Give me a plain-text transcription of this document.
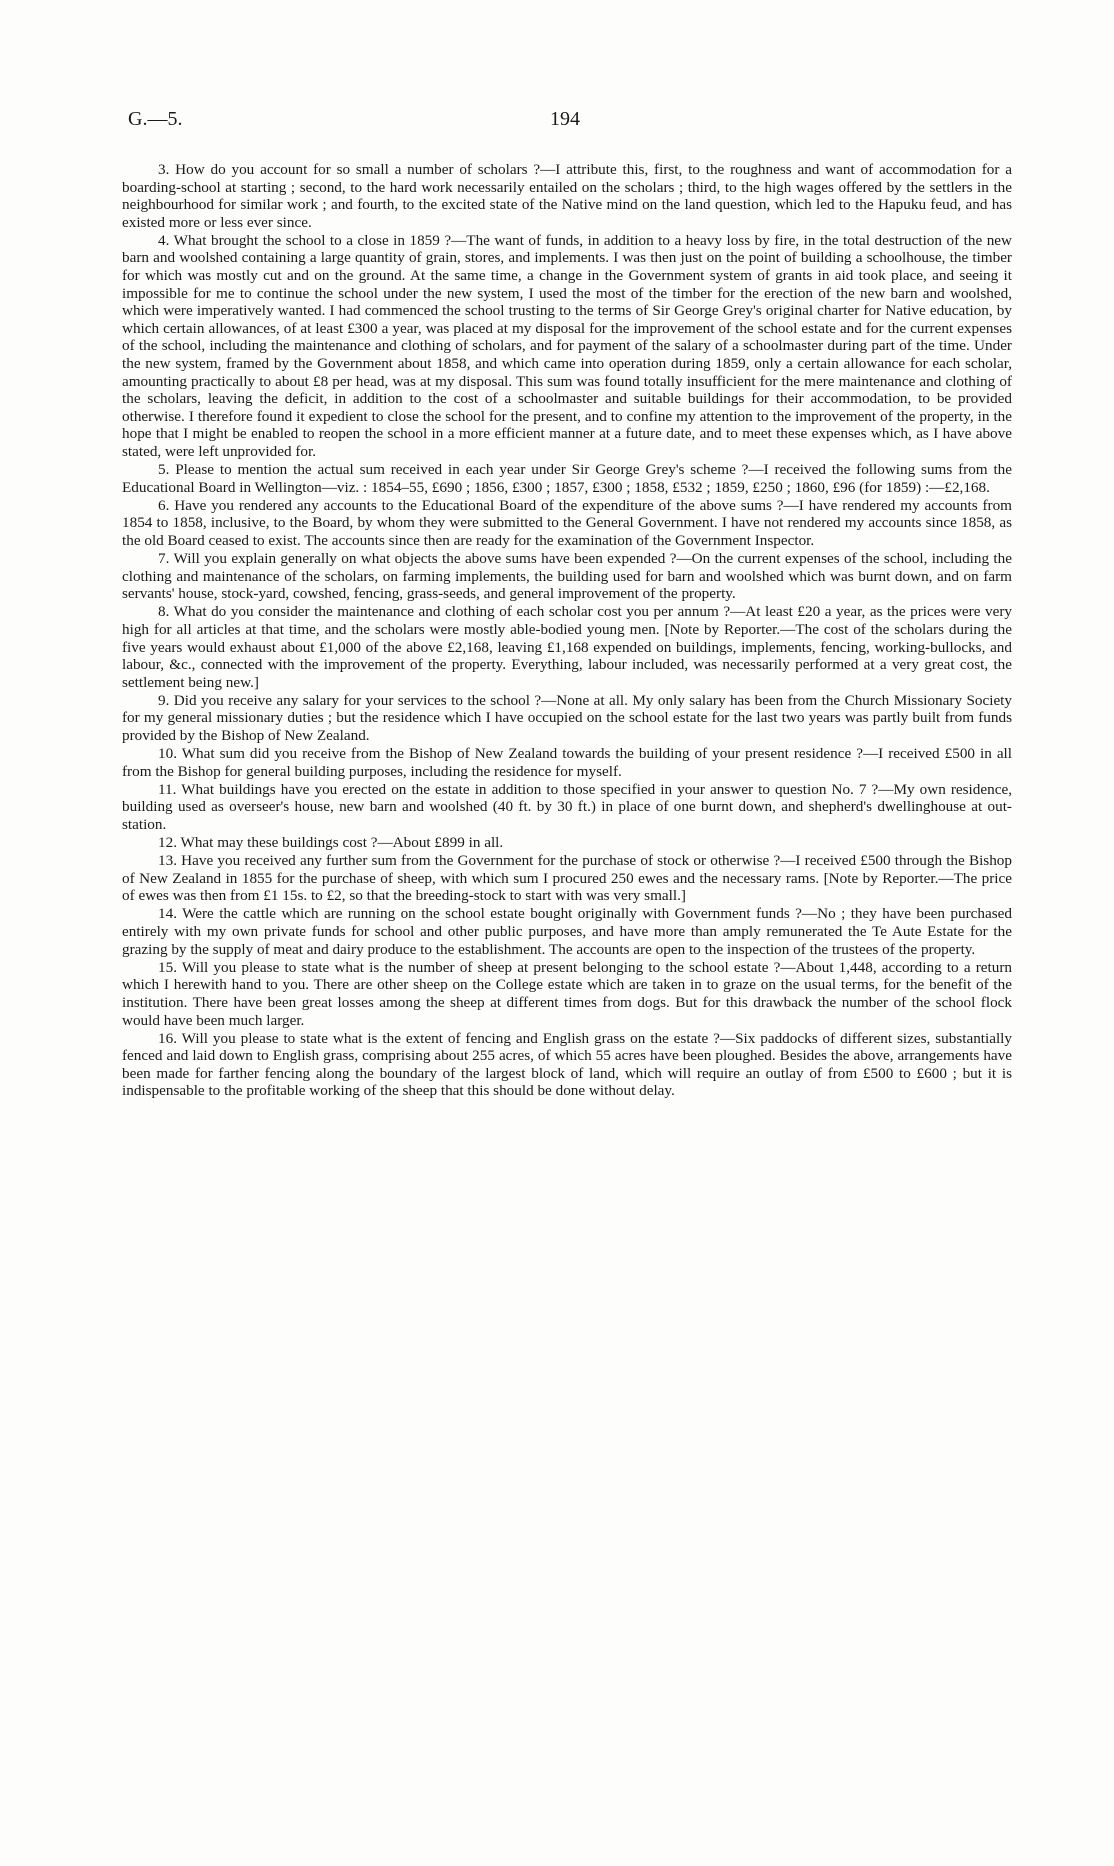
G.—5.	194

3. How do you account for so small a number of scholars ?—I attribute this, first, to the roughness and want of accommodation for a boarding-school at starting ; second, to the hard work necessarily entailed on the scholars ; third, to the high wages offered by the settlers in the neighbourhood for similar work ; and fourth, to the excited state of the Native mind on the land question, which led to the Hapuku feud, and has existed more or less ever since.

4. What brought the school to a close in 1859 ?—The want of funds, in addition to a heavy loss by fire, in the total destruction of the new barn and woolshed containing a large quantity of grain, stores, and implements. I was then just on the point of building a schoolhouse, the timber for which was mostly cut and on the ground. At the same time, a change in the Government system of grants in aid took place, and seeing it impossible for me to continue the school under the new system, I used the most of the timber for the erection of the new barn and woolshed, which were imperatively wanted. I had commenced the school trusting to the terms of Sir George Grey's original charter for Native education, by which certain allowances, of at least £300 a year, was placed at my disposal for the improvement of the school estate and for the current expenses of the school, including the maintenance and clothing of scholars, and for payment of the salary of a schoolmaster during part of the time. Under the new system, framed by the Government about 1858, and which came into operation during 1859, only a certain allowance for each scholar, amounting practically to about £8 per head, was at my disposal. This sum was found totally insufficient for the mere maintenance and clothing of the scholars, leaving the deficit, in addition to the cost of a schoolmaster and suitable buildings for their accommodation, to be provided otherwise. I therefore found it expedient to close the school for the present, and to confine my attention to the improvement of the property, in the hope that I might be enabled to reopen the school in a more efficient manner at a future date, and to meet these expenses which, as I have above stated, were left unprovided for.

5. Please to mention the actual sum received in each year under Sir George Grey's scheme ?—I received the following sums from the Educational Board in Wellington—viz. : 1854–55, £690 ; 1856, £300 ; 1857, £300 ; 1858, £532 ; 1859, £250 ; 1860, £96 (for 1859) :—£2,168.

6. Have you rendered any accounts to the Educational Board of the expenditure of the above sums ?—I have rendered my accounts from 1854 to 1858, inclusive, to the Board, by whom they were submitted to the General Government. I have not rendered my accounts since 1858, as the old Board ceased to exist. The accounts since then are ready for the examination of the Government Inspector.

7. Will you explain generally on what objects the above sums have been expended ?—On the current expenses of the school, including the clothing and maintenance of the scholars, on farming implements, the building used for barn and woolshed which was burnt down, and on farm servants' house, stock-yard, cowshed, fencing, grass-seeds, and general improvement of the property.

8. What do you consider the maintenance and clothing of each scholar cost you per annum ?—At least £20 a year, as the prices were very high for all articles at that time, and the scholars were mostly able-bodied young men. [Note by Reporter.—The cost of the scholars during the five years would exhaust about £1,000 of the above £2,168, leaving £1,168 expended on buildings, implements, fencing, working-bullocks, and labour, &c., connected with the improvement of the property. Everything, labour included, was necessarily performed at a very great cost, the settlement being new.]

9. Did you receive any salary for your services to the school ?—None at all. My only salary has been from the Church Missionary Society for my general missionary duties ; but the residence which I have occupied on the school estate for the last two years was partly built from funds provided by the Bishop of New Zealand.

10. What sum did you receive from the Bishop of New Zealand towards the building of your present residence ?—I received £500 in all from the Bishop for general building purposes, including the residence for myself.

11. What buildings have you erected on the estate in addition to those specified in your answer to question No. 7 ?—My own residence, building used as overseer's house, new barn and woolshed (40 ft. by 30 ft.) in place of one burnt down, and shepherd's dwellinghouse at out-station.

12. What may these buildings cost ?—About £899 in all.

13. Have you received any further sum from the Government for the purchase of stock or otherwise ?—I received £500 through the Bishop of New Zealand in 1855 for the purchase of sheep, with which sum I procured 250 ewes and the necessary rams. [Note by Reporter.—The price of ewes was then from £1 15s. to £2, so that the breeding-stock to start with was very small.]

14. Were the cattle which are running on the school estate bought originally with Government funds ?—No ; they have been purchased entirely with my own private funds for school and other public purposes, and have more than amply remunerated the Te Aute Estate for the grazing by the supply of meat and dairy produce to the establishment. The accounts are open to the inspection of the trustees of the property.

15. Will you please to state what is the number of sheep at present belonging to the school estate ?—About 1,448, according to a return which I herewith hand to you. There are other sheep on the College estate which are taken in to graze on the usual terms, for the benefit of the institution. There have been great losses among the sheep at different times from dogs. But for this drawback the number of the school flock would have been much larger.

16. Will you please to state what is the extent of fencing and English grass on the estate ?—Six paddocks of different sizes, substantially fenced and laid down to English grass, comprising about 255 acres, of which 55 acres have been ploughed. Besides the above, arrangements have been made for farther fencing along the boundary of the largest block of land, which will require an outlay of from £500 to £600 ; but it is indispensable to the profitable working of the sheep that this should be done without delay.
